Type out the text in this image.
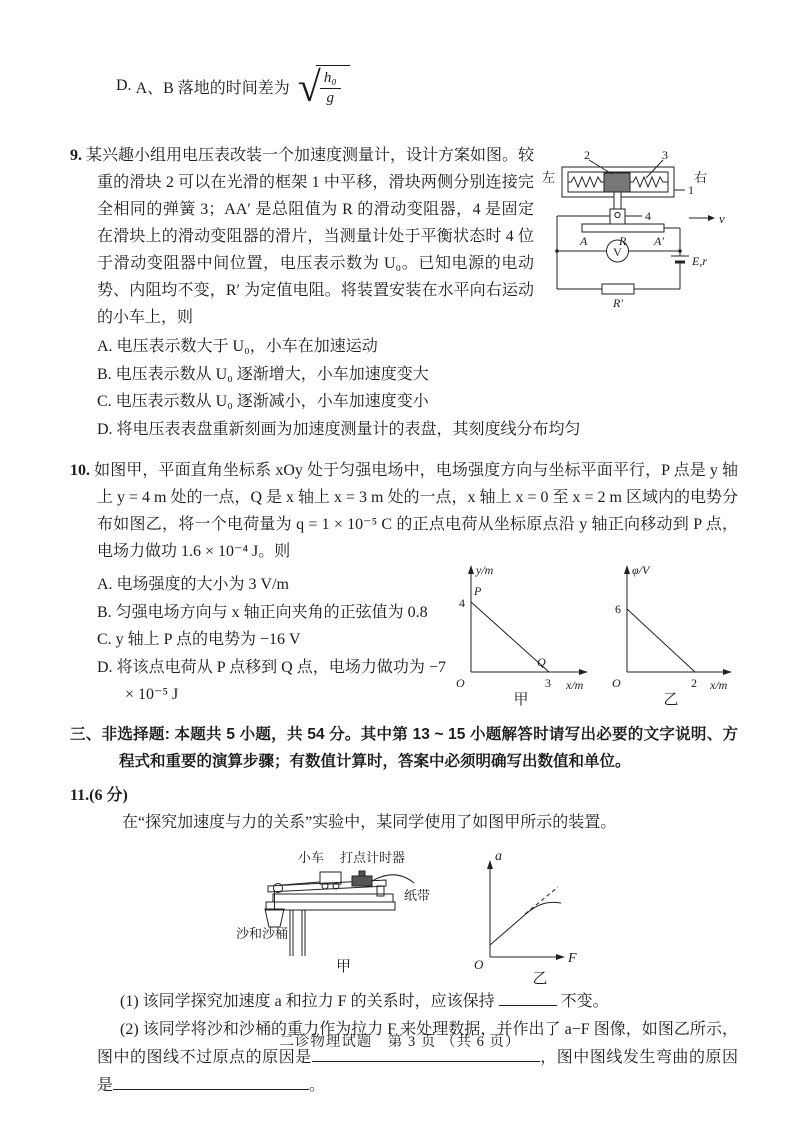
D.
A、B 落地的时间差为 √ $\frac{\text{h₀}}{g}$
左	右
2	3
1
4	v
A	R A′
V
E,r
R′
9. 某兴趣小组用电压表改装一个加速度测量计，设计方案如图。较重的滑块 2 可以在光滑的框架 1 中平移，滑块两侧分别连接完全相同的弹簧 3；AA′ 是总阻值为 R 的滑动变阻器，4 是固定在滑块上的滑动变阻器的滑片，当测量计处于平衡状态时 4 位于滑动变阻器中间位置，电压表示数为 U₀。已知电源的电动势、内阻均不变，R′ 为定值电阻。将装置安装在水平向右运动的小车上，则
A. 电压表示数大于 U₀，小车在加速运动
B. 电压表示数从 U₀ 逐渐增大，小车加速度变大
C. 电压表示数从 U₀ 逐渐减小，小车加速度变小
D. 将电压表表盘重新刻画为加速度测量计的表盘，其刻度线分布均匀
10. 如图甲，平面直角坐标系 xOy 处于匀强电场中，电场强度方向与坐标平面平行，P 点是 y 轴上 y = 4 m 处的一点，Q 是 x 轴上 x = 3 m 处的一点，x 轴上 x = 0 至 x = 2 m 区域内的电势分布如图乙，将一个电荷量为 q = 1 × 10⁻⁵ C 的正点电荷从坐标原点沿 y 轴正向移动到 P 点，电场力做功 1.6 × 10⁻⁴ J。则
A. 电场强度的大小为 3 V/m
B. 匀强电场方向与 x 轴正向夹角的正弦值为 0.8
C. y 轴上 P 点的电势为 −16 V
D. 将该点电荷从 P 点移到 Q 点，电场力做功为 −7 × 10⁻⁵ J
y/m
x/m
O
4
P
Q
3
甲
φ/V
x/m
O
6
2
乙
三、非选择题: 本题共 5 小题，共 54 分。其中第 13 ~ 15 小题解答时请写出必要的文字说明、方程式和重要的演算步骤；有数值计算时，答案中必须明确写出数值和单位。
11.(6 分)
在“探究加速度与力的关系”实验中，某同学使用了如图甲所示的装置。
小车 打点计时器
沙和沙桶
纸带
甲
a
F
O
乙
(1) 该同学探究加速度 a 和拉力 F 的关系时，应该保持	不变。
(2) 该同学将沙和沙桶的重力作为拉力 F 来处理数据，并作出了 a−F 图像，如图乙所示，图中的图线不过原点的原因是	，图中图线发生弯曲的原因是	。
二诊物理试题　第 3 页 （共 6 页）
